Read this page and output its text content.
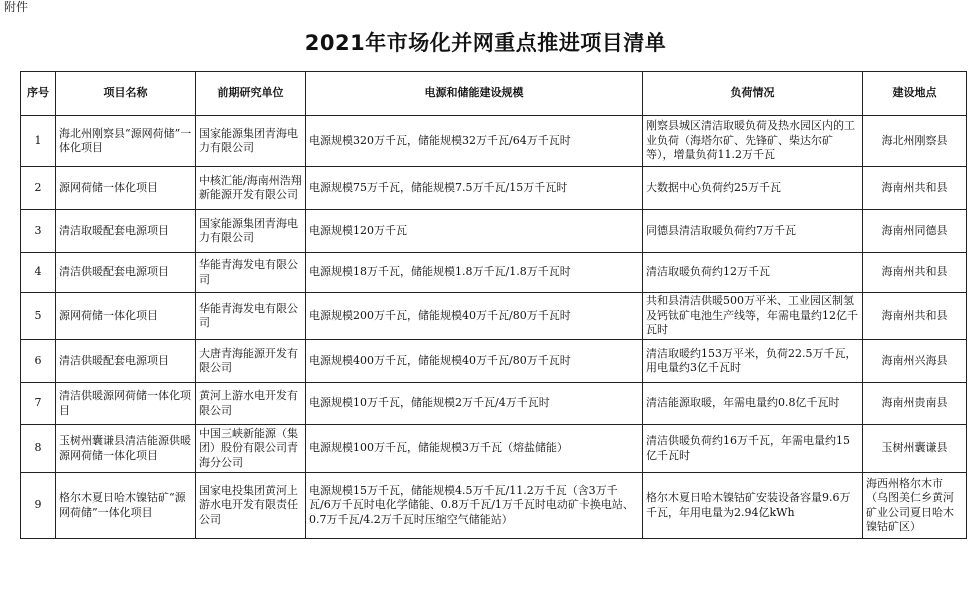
附件
2021年市场化并网重点推进项目清单
序号	项目名称	前期研究单位	电源和储能建设规模	负荷情况	建设地点
1	海北州刚察县“源网荷储”一体化项目	国家能源集团青海电力有限公司	电源规模320万千瓦，储能规模32万千瓦/64万千瓦时	刚察县城区清洁取暖负荷及热水园区内的工业负荷（海塔尔矿、先锋矿、柴达尔矿等），增量负荷11.2万千瓦	海北州刚察县
2	源网荷储一体化项目	中核汇能/海南州浩翔新能源开发有限公司	电源规模75万千瓦，储能规模7.5万千瓦/15万千瓦时	大数据中心负荷约25万千瓦	海南州共和县
3	清洁取暖配套电源项目	国家能源集团青海电力有限公司	电源规模120万千瓦	同德县清洁取暖负荷约7万千瓦	海南州同德县
4	清洁供暖配套电源项目	华能青海发电有限公司	电源规模18万千瓦，储能规模1.8万千瓦/1.8万千瓦时	清洁取暖负荷约12万千瓦	海南州共和县
5	源网荷储一体化项目	华能青海发电有限公司	电源规模200万千瓦，储能规模40万千瓦/80万千瓦时	共和县清洁供暖500万平米、工业园区制氢及钙钛矿电池生产线等，年需电量约12亿千瓦时	海南州共和县
6	清洁供暖配套电源项目	大唐青海能源开发有限公司	电源规模400万千瓦，储能规模40万千瓦/80万千瓦时	清洁取暖约153万平米，负荷22.5万千瓦，用电量约3亿千瓦时	海南州兴海县
7	清洁供暖源网荷储一体化项目	黄河上游水电开发有限公司	电源规模10万千瓦，储能规模2万千瓦/4万千瓦时	清洁能源取暖，年需电量约0.8亿千瓦时	海南州贵南县
8	玉树州囊谦县清洁能源供暖源网荷储一体化项目	中国三峡新能源（集团）股份有限公司青海分公司	电源规模100万千瓦，储能规模3万千瓦（熔盐储能）	清洁供暖负荷约16万千瓦，年需电量约15亿千瓦时	玉树州囊谦县
9	格尔木夏日哈木镍钴矿“源网荷储”一体化项目	国家电投集团黄河上游水电开发有限责任公司	电源规模15万千瓦，储能规模4.5万千瓦/11.2万千瓦（含3万千瓦/6万千瓦时电化学储能、0.8万千瓦/1万千瓦时电动矿卡换电站、0.7万千瓦/4.2万千瓦时压缩空气储能站）	格尔木夏日哈木镍钴矿安装设备容量9.6万千瓦，年用电量为2.94亿kWh	海西州格尔木市（乌图美仁乡黄河矿业公司夏日哈木镍钴矿区）
